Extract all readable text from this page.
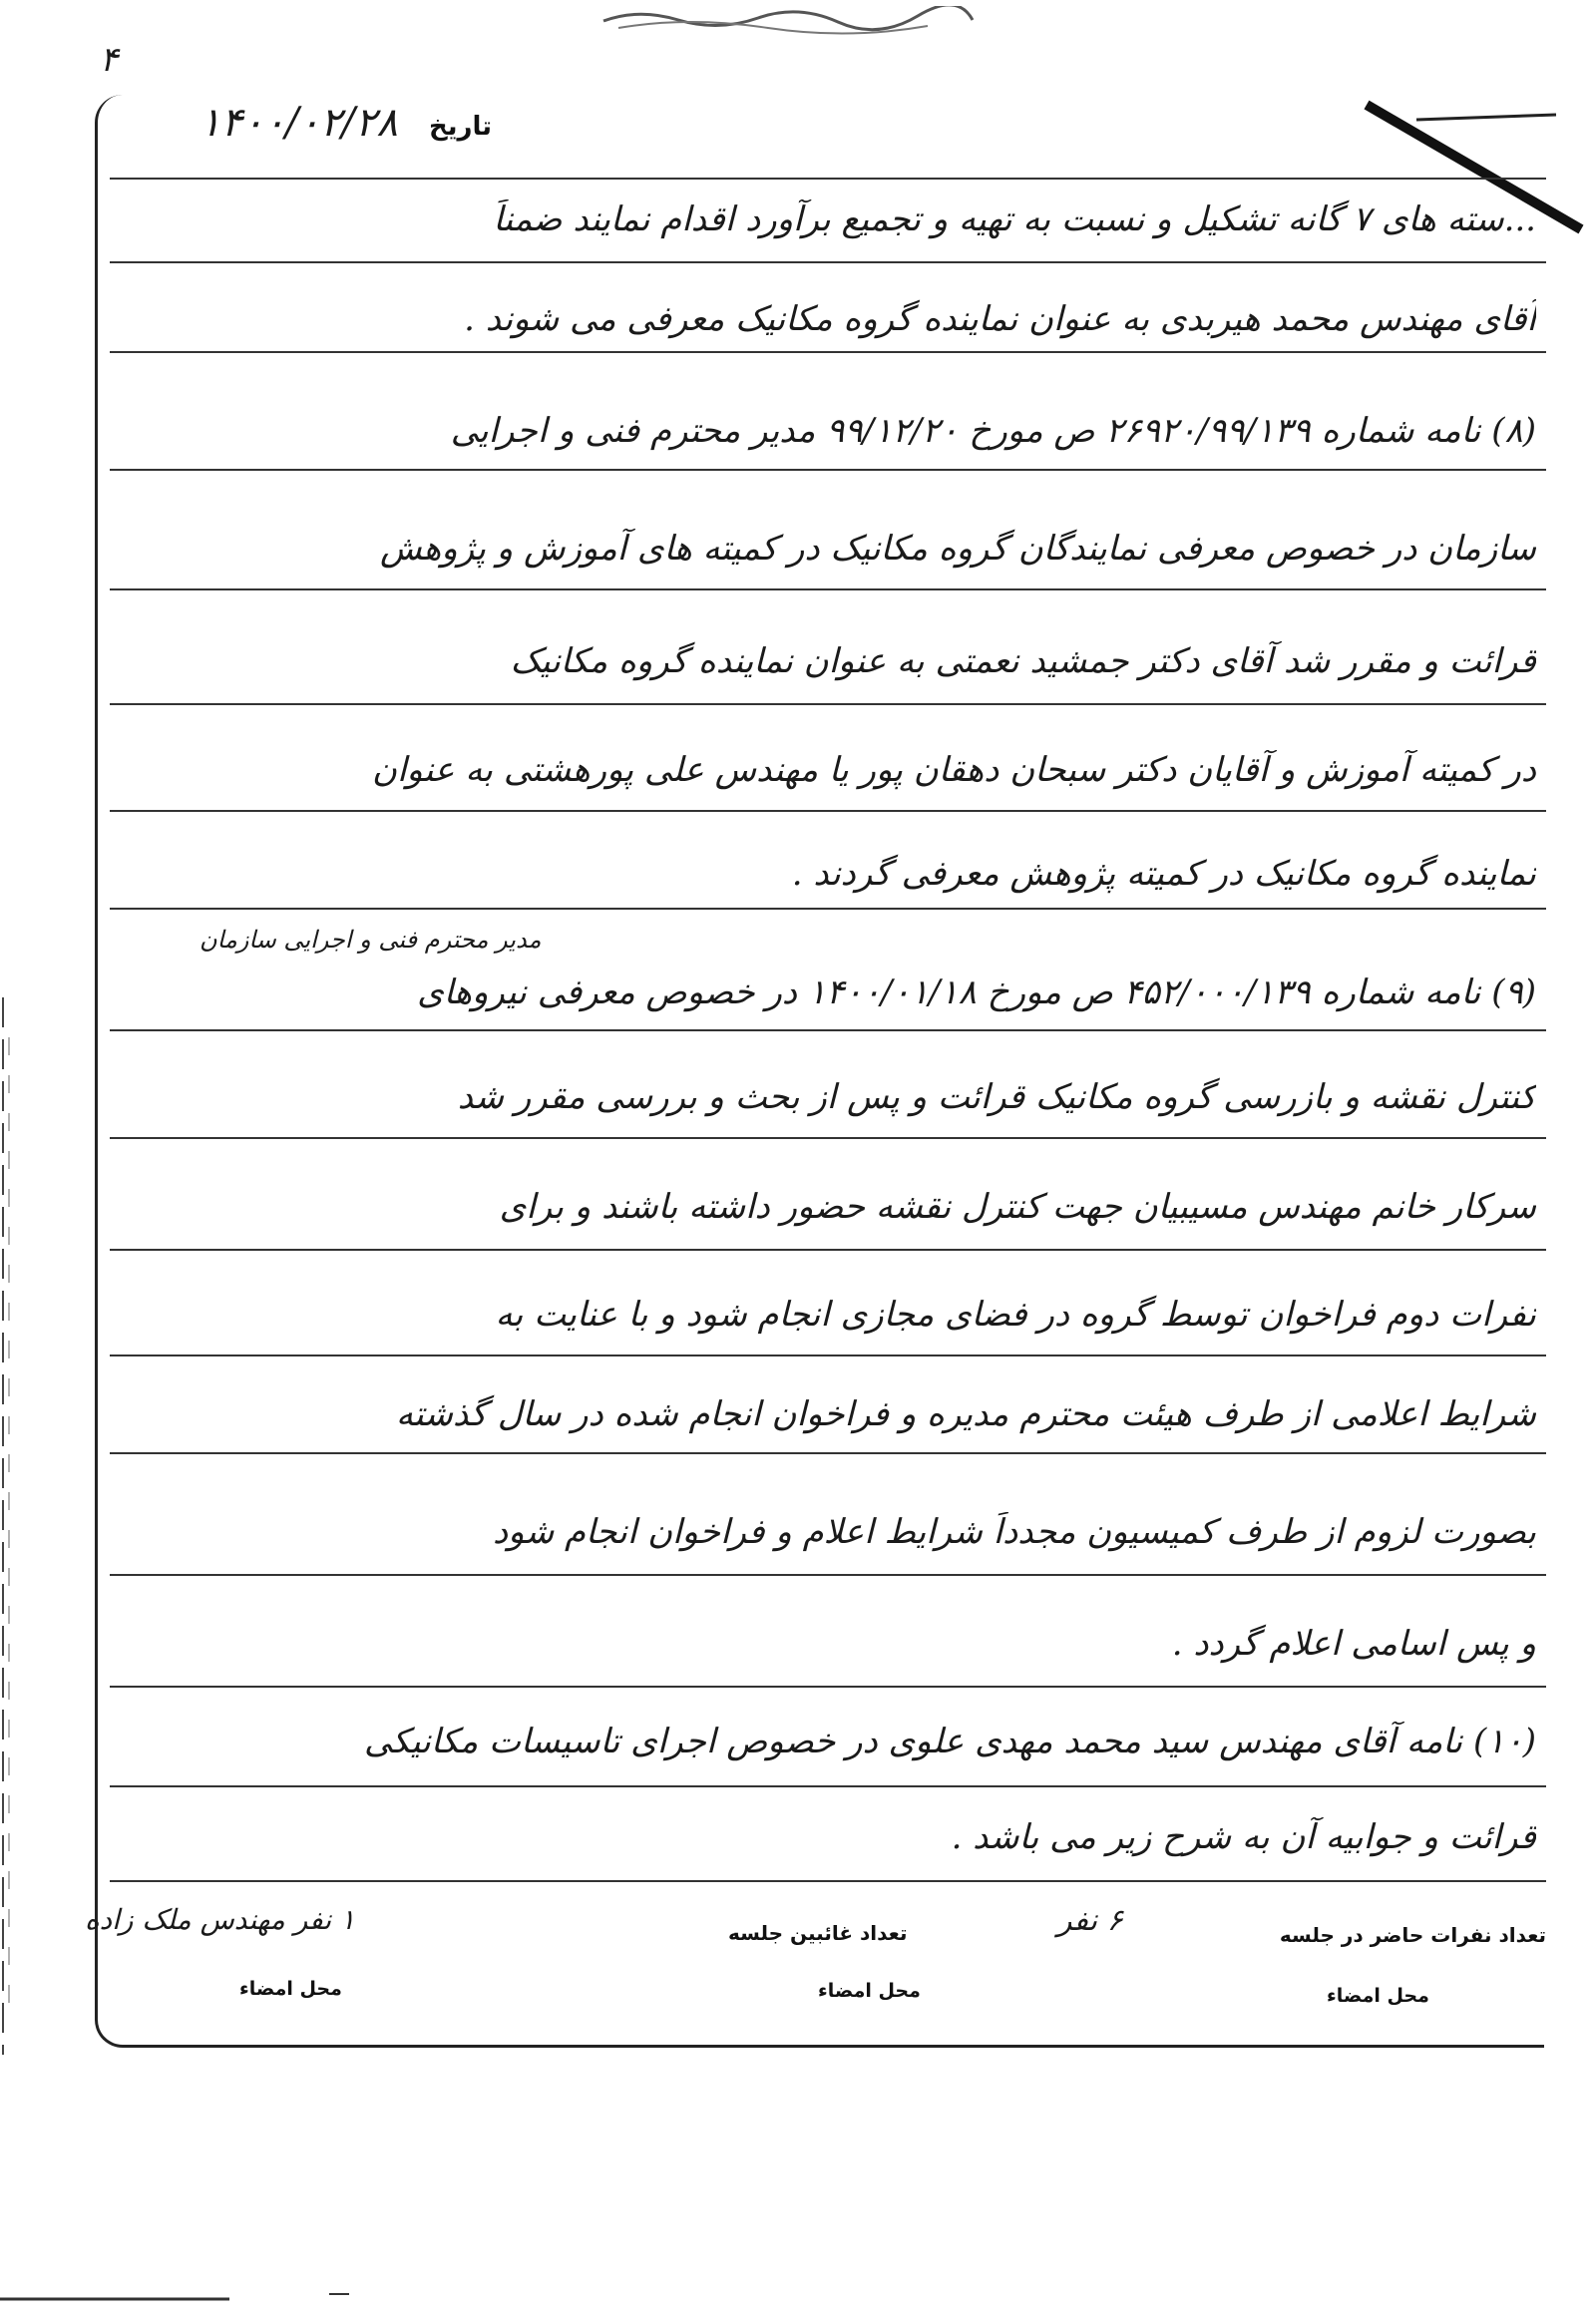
۴
تاریخ
۱۴۰۰/۰۲/۲۸
...سته های ۷ گانه تشکیل و نسبت به تهیه و تجمیع برآورد اقدام نمایند ضمناً
آقای مهندس محمد هیربدی به عنوان نماینده گروه مکانیک معرفی می شوند .
(۸) نامه شماره ۲۶۹۲۰/۹۹/۱۳۹ ص مورخ ۹۹/۱۲/۲۰ مدیر محترم فنی و اجرایی
سازمان در خصوص معرفی نمایندگان گروه مکانیک در کمیته های آموزش و پژوهش
قرائت و مقرر شد آقای دکتر جمشید نعمتی به عنوان نماینده گروه مکانیک
در کمیته آموزش و آقایان دکتر سبحان دهقان پور یا مهندس علی پورهشتی به عنوان
نماینده گروه مکانیک در کمیته پژوهش معرفی گردند .
مدیر محترم فنی و اجرایی سازمان
(۹) نامه شماره ۴۵۲/۰۰۰/۱۳۹ ص مورخ ۱۴۰۰/۰۱/۱۸ در خصوص معرفی نیروهای
کنترل نقشه و بازرسی گروه مکانیک قرائت و پس از بحث و بررسی مقرر شد
سرکار خانم مهندس مسیبیان جهت کنترل نقشه حضور داشته باشند و برای
نفرات دوم فراخوان توسط گروه در فضای مجازی انجام شود و با عنایت به
شرایط اعلامی از طرف هیئت محترم مدیره و فراخوان انجام شده در سال گذشته
بصورت لزوم از طرف کمیسیون مجدداً شرایط اعلام و فراخوان انجام شود
و پس اسامی اعلام گردد .
(۱۰) نامه آقای مهندس سید محمد مهدی علوی در خصوص اجرای تاسیسات مکانیکی
قرائت و جوابیه آن به شرح زیر می باشد .
تعداد نفرات حاضر در جلسه
۶ نفر
تعداد غائبین جلسه
۱ نفر مهندس ملک زاده
محل امضاء
محل امضاء
محل امضاء
